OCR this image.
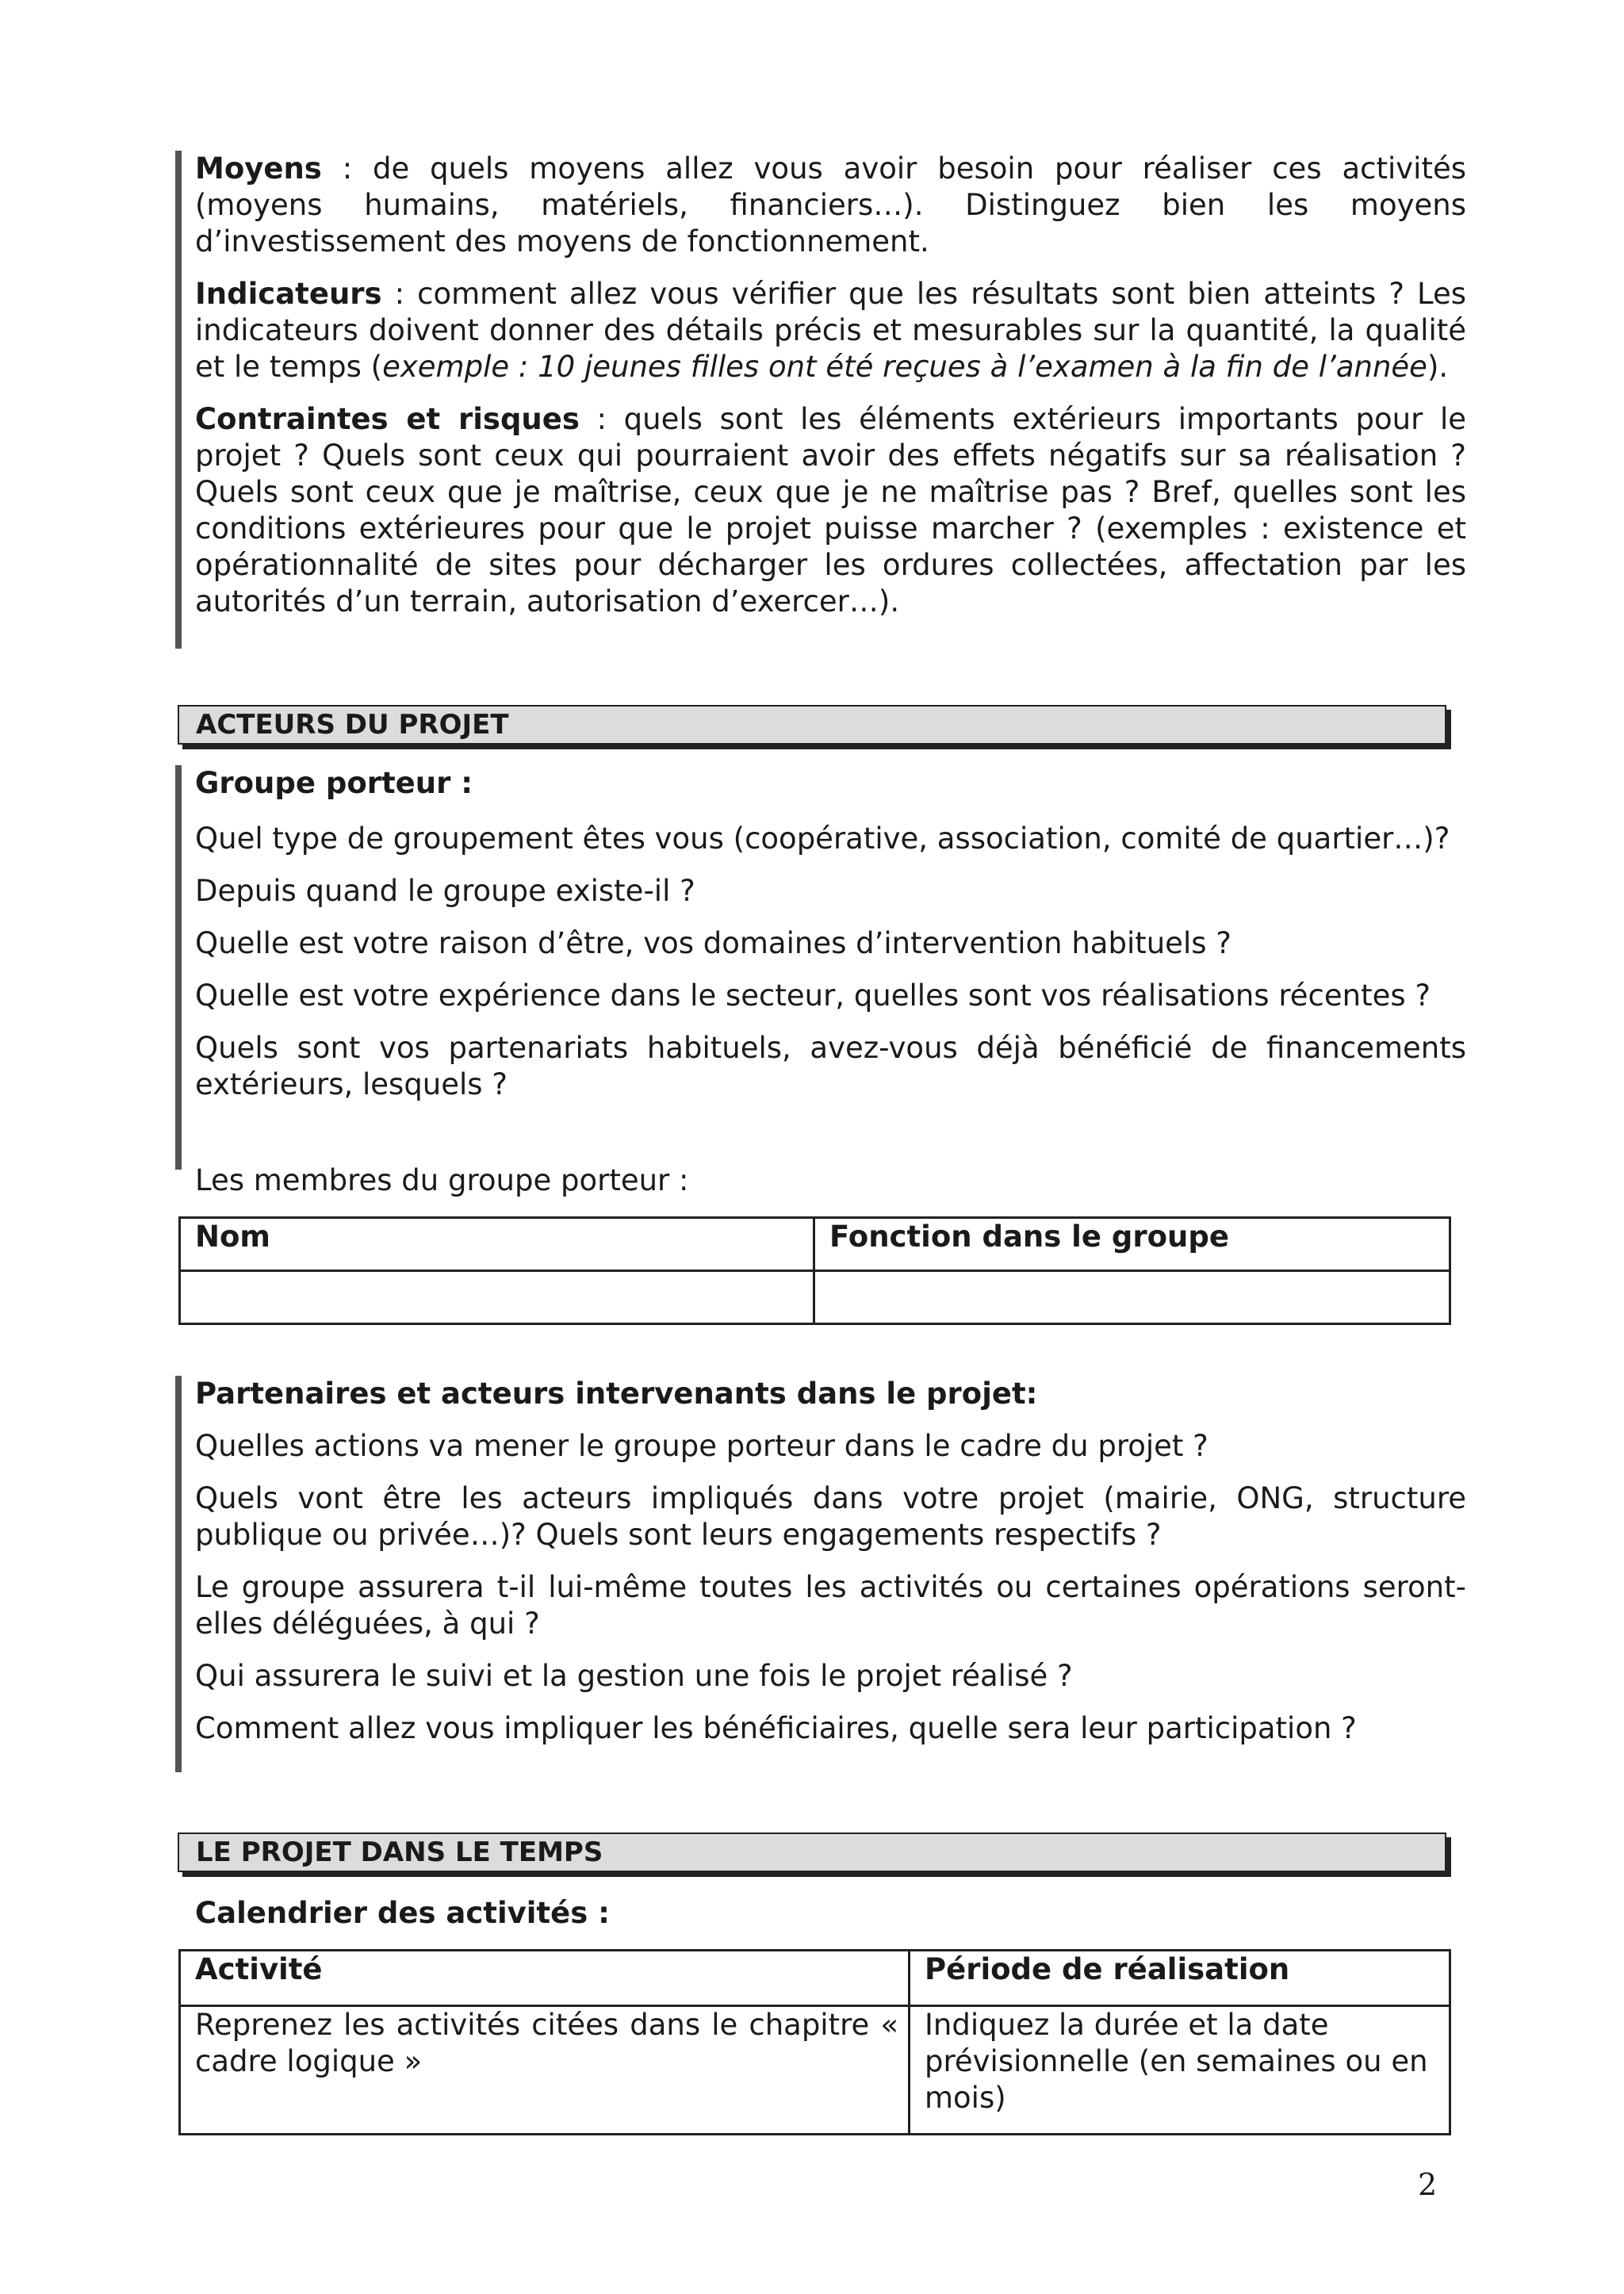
Moyens : de quels moyens allez vous avoir besoin pour réaliser ces activités (moyens humains, matériels, financiers…). Distinguez bien les moyens d’investissement des moyens de fonctionnement.

Indicateurs : comment allez vous vérifier que les résultats sont bien atteints ? Les indicateurs doivent donner des détails précis et mesurables sur la quantité, la qualité et le temps (exemple : 10 jeunes filles ont été reçues à l’examen à la fin de l’année).

Contraintes et risques : quels sont les éléments extérieurs importants pour le projet ? Quels sont ceux qui pourraient avoir des effets négatifs sur sa réalisation ? Quels sont ceux que je maîtrise, ceux que je ne maîtrise pas ? Bref, quelles sont les conditions extérieures pour que le projet puisse marcher ? (exemples : existence et opérationnalité de sites pour décharger les ordures collectées, affectation par les autorités d’un terrain, autorisation d’exercer…).

ACTEURS DU PROJET

Groupe porteur :

Quel type de groupement êtes vous (coopérative, association, comité de quartier…)?

Depuis quand le groupe existe-il ?

Quelle est votre raison d’être, vos domaines d’intervention habituels ?

Quelle est votre expérience dans le secteur, quelles sont vos réalisations récentes ?

Quels sont vos partenariats habituels, avez-vous déjà bénéficié de financements extérieurs, lesquels ?

Les membres du groupe porteur :

Nom	Fonction dans le groupe

Partenaires et acteurs intervenants dans le projet:

Quelles actions va mener le groupe porteur dans le cadre du projet ?

Quels vont être les acteurs impliqués dans votre projet (mairie, ONG, structure publique ou privée…)? Quels sont leurs engagements respectifs ?

Le groupe assurera t-il lui-même toutes les activités ou certaines opérations seront-elles déléguées, à qui ?

Qui assurera le suivi et la gestion une fois le projet réalisé ?

Comment allez vous impliquer les bénéficiaires, quelle sera leur participation ?

LE PROJET DANS LE TEMPS

Calendrier des activités :

Activité	Période de réalisation
Reprenez les activités citées dans le chapitre « cadre logique »	Indiquez la durée et la date prévisionnelle (en semaines ou en mois)
2
